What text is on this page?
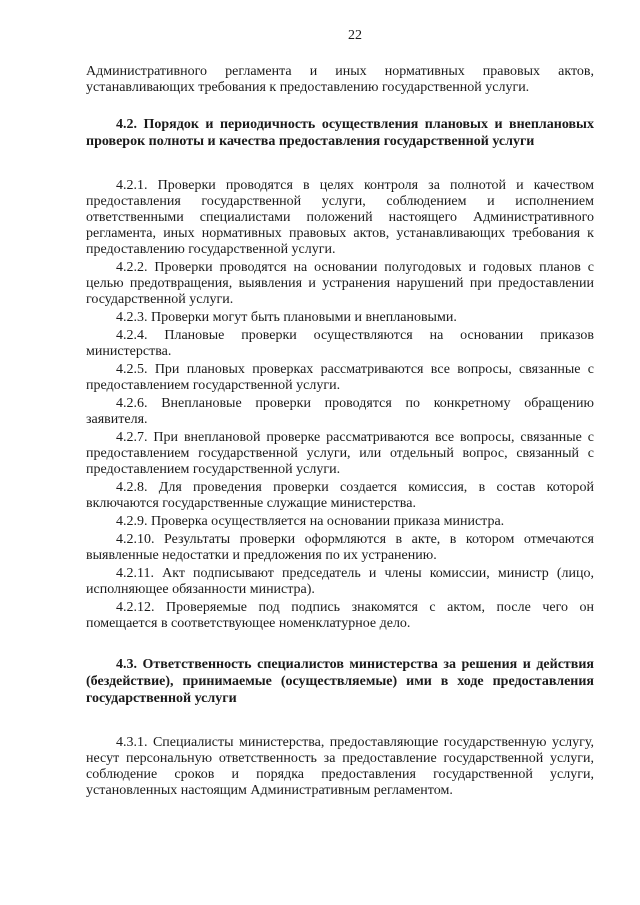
22

Административного регламента и иных нормативных правовых актов, устанавливающих требования к предоставлению государственной услуги.

4.2. Порядок и периодичность осуществления плановых и внеплановых проверок полноты и качества предоставления государственной услуги

4.2.1. Проверки проводятся в целях контроля за полнотой и качеством предоставления государственной услуги, соблюдением и исполнением ответственными специалистами положений настоящего Административного регламента, иных нормативных правовых актов, устанавливающих требования к предоставлению государственной услуги.

4.2.2. Проверки проводятся на основании полугодовых и годовых планов с целью предотвращения, выявления и устранения нарушений при предоставлении государственной услуги.

4.2.3. Проверки могут быть плановыми и внеплановыми.

4.2.4. Плановые проверки осуществляются на основании приказов министерства.

4.2.5. При плановых проверках рассматриваются все вопросы, связанные с предоставлением государственной услуги.

4.2.6. Внеплановые проверки проводятся по конкретному обращению заявителя.

4.2.7. При внеплановой проверке рассматриваются все вопросы, связанные с предоставлением государственной услуги, или отдельный вопрос, связанный с предоставлением государственной услуги.

4.2.8. Для проведения проверки создается комиссия, в состав которой включаются государственные служащие министерства.

4.2.9. Проверка осуществляется на основании приказа министра.

4.2.10. Результаты проверки оформляются в акте, в котором отмечаются выявленные недостатки и предложения по их устранению.

4.2.11. Акт подписывают председатель и члены комиссии, министр (лицо, исполняющее обязанности министра).

4.2.12. Проверяемые под подпись знакомятся с актом, после чего он помещается в соответствующее номенклатурное дело.

4.3. Ответственность специалистов министерства за решения и действия (бездействие), принимаемые (осуществляемые) ими в ходе предоставления государственной услуги

4.3.1. Специалисты министерства, предоставляющие государственную услугу, несут персональную ответственность за предоставление государственной услуги, соблюдение сроков и порядка предоставления государственной услуги, установленных настоящим Административным регламентом.
